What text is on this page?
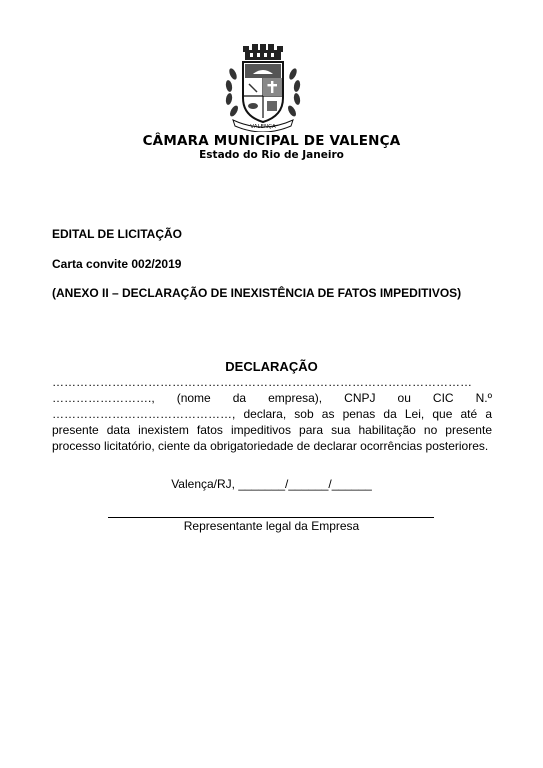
VALENÇA
CÂMARA MUNICIPAL DE VALENÇA
Estado do Rio de Janeiro
EDITAL DE LICITAÇÃO
Carta convite 002/2019
(ANEXO II – DECLARAÇÃO DE INEXISTÊNCIA DE FATOS IMPEDITIVOS)
DECLARAÇÃO
……………………………………………………………………………………………
……………………., (nome da empresa), CNPJ ou CIC N.º ………………………………………, declara, sob as penas da Lei, que até a presente data inexistem fatos impeditivos para sua habilitação no presente processo licitatório, ciente da obrigatoriedade de declarar ocorrências posteriores.
Valença/RJ, _______/______/______
Representante legal da Empresa
